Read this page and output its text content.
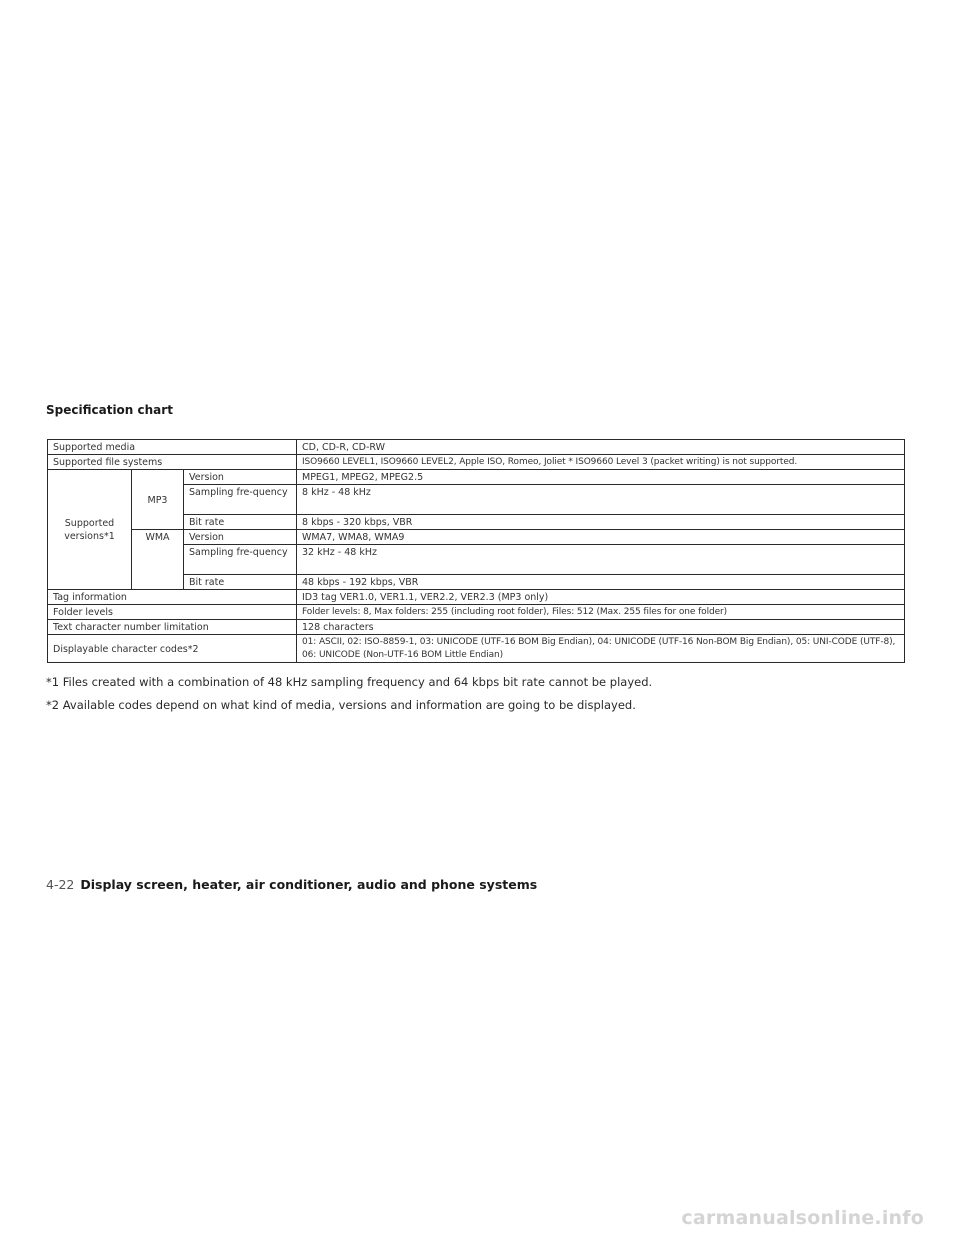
Specification chart
Supported media			CD, CD-R, CD-RW
Supported file systems			ISO9660 LEVEL1, ISO9660 LEVEL2, Apple ISO, Romeo, Joliet * ISO9660 Level 3 (packet writing) is not supported.
Supported versions*1	MP3	Version	MPEG1, MPEG2, MPEG2.5
		Sampling fre-quency	8 kHz - 48 kHz
		Bit rate	8 kbps - 320 kbps, VBR
	WMA	Version	WMA7, WMA8, WMA9
		Sampling fre-quency	32 kHz - 48 kHz
		Bit rate	48 kbps - 192 kbps, VBR
Tag information			ID3 tag VER1.0, VER1.1, VER2.2, VER2.3 (MP3 only)
Folder levels			Folder levels: 8, Max folders: 255 (including root folder), Files: 512 (Max. 255 files for one folder)
Text character number limitation			128 characters
Displayable character codes*2			01: ASCII, 02: ISO-8859-1, 03: UNICODE (UTF-16 BOM Big Endian), 04: UNICODE (UTF-16 Non-BOM Big Endian), 05: UNI-CODE (UTF-8), 06: UNICODE (Non-UTF-16 BOM Little Endian)

*1 Files created with a combination of 48 kHz sampling frequency and 64 kbps bit rate cannot be played.

*2 Available codes depend on what kind of media, versions and information are going to be displayed.

4-22 Display screen, heater, air conditioner, audio and phone systems

carmanualsonline.info
